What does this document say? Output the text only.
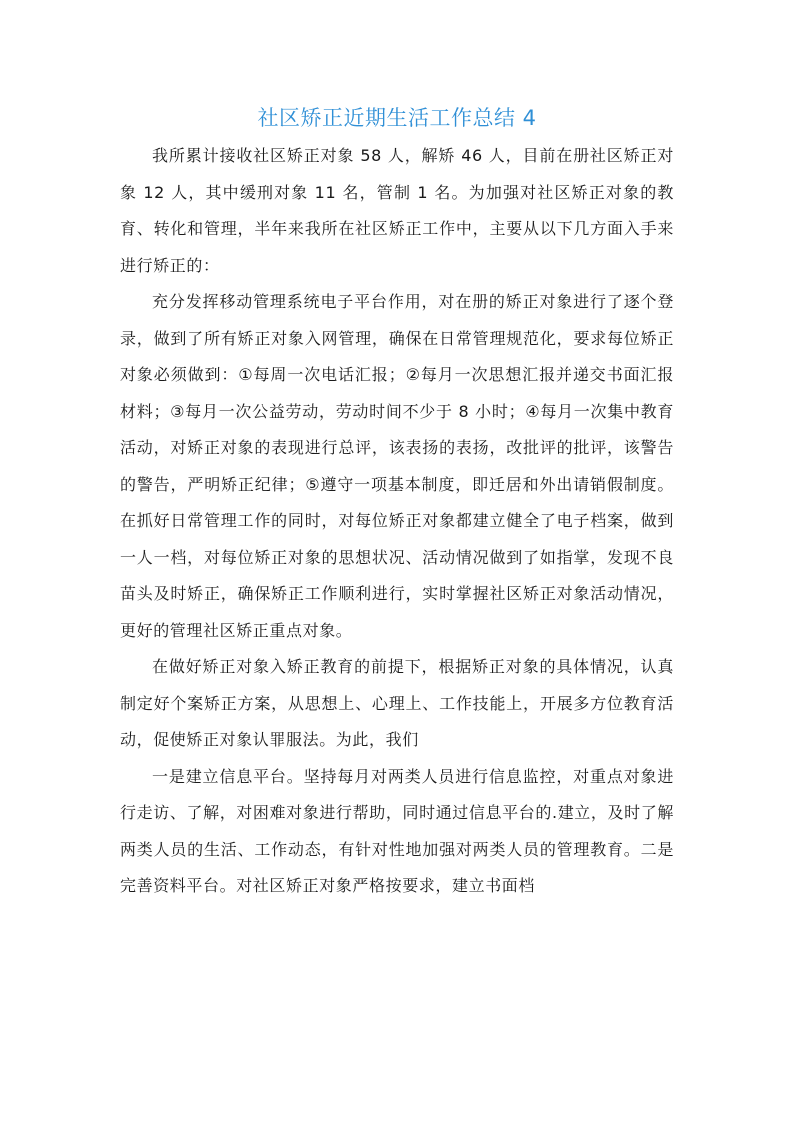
社区矫正近期生活工作总结 4

我所累计接收社区矫正对象 58 人，解矫 46 人，目前在册社区矫正对象 12 人，其中缓刑对象 11 名，管制 1 名。为加强对社区矫正对象的教育、转化和管理，半年来我所在社区矫正工作中，主要从以下几方面入手来进行矫正的：

充分发挥移动管理系统电子平台作用，对在册的矫正对象进行了逐个登录，做到了所有矫正对象入网管理，确保在日常管理规范化，要求每位矫正对象必须做到：①每周一次电话汇报；②每月一次思想汇报并递交书面汇报材料；③每月一次公益劳动，劳动时间不少于 8 小时；④每月一次集中教育活动，对矫正对象的表现进行总评，该表扬的表扬，改批评的批评，该警告的警告，严明矫正纪律；⑤遵守一项基本制度，即迁居和外出请销假制度。在抓好日常管理工作的同时，对每位矫正对象都建立健全了电子档案，做到一人一档，对每位矫正对象的思想状况、活动情况做到了如指掌，发现不良苗头及时矫正，确保矫正工作顺利进行，实时掌握社区矫正对象活动情况，更好的管理社区矫正重点对象。

在做好矫正对象入矫正教育的前提下，根据矫正对象的具体情况，认真制定好个案矫正方案，从思想上、心理上、工作技能上，开展多方位教育活动，促使矫正对象认罪服法。为此，我们

一是建立信息平台。坚持每月对两类人员进行信息监控，对重点对象进行走访、了解，对困难对象进行帮助，同时通过信息平台的.建立，及时了解两类人员的生活、工作动态，有针对性地加强对两类人员的管理教育。二是完善资料平台。对社区矫正对象严格按要求，建立书面档
